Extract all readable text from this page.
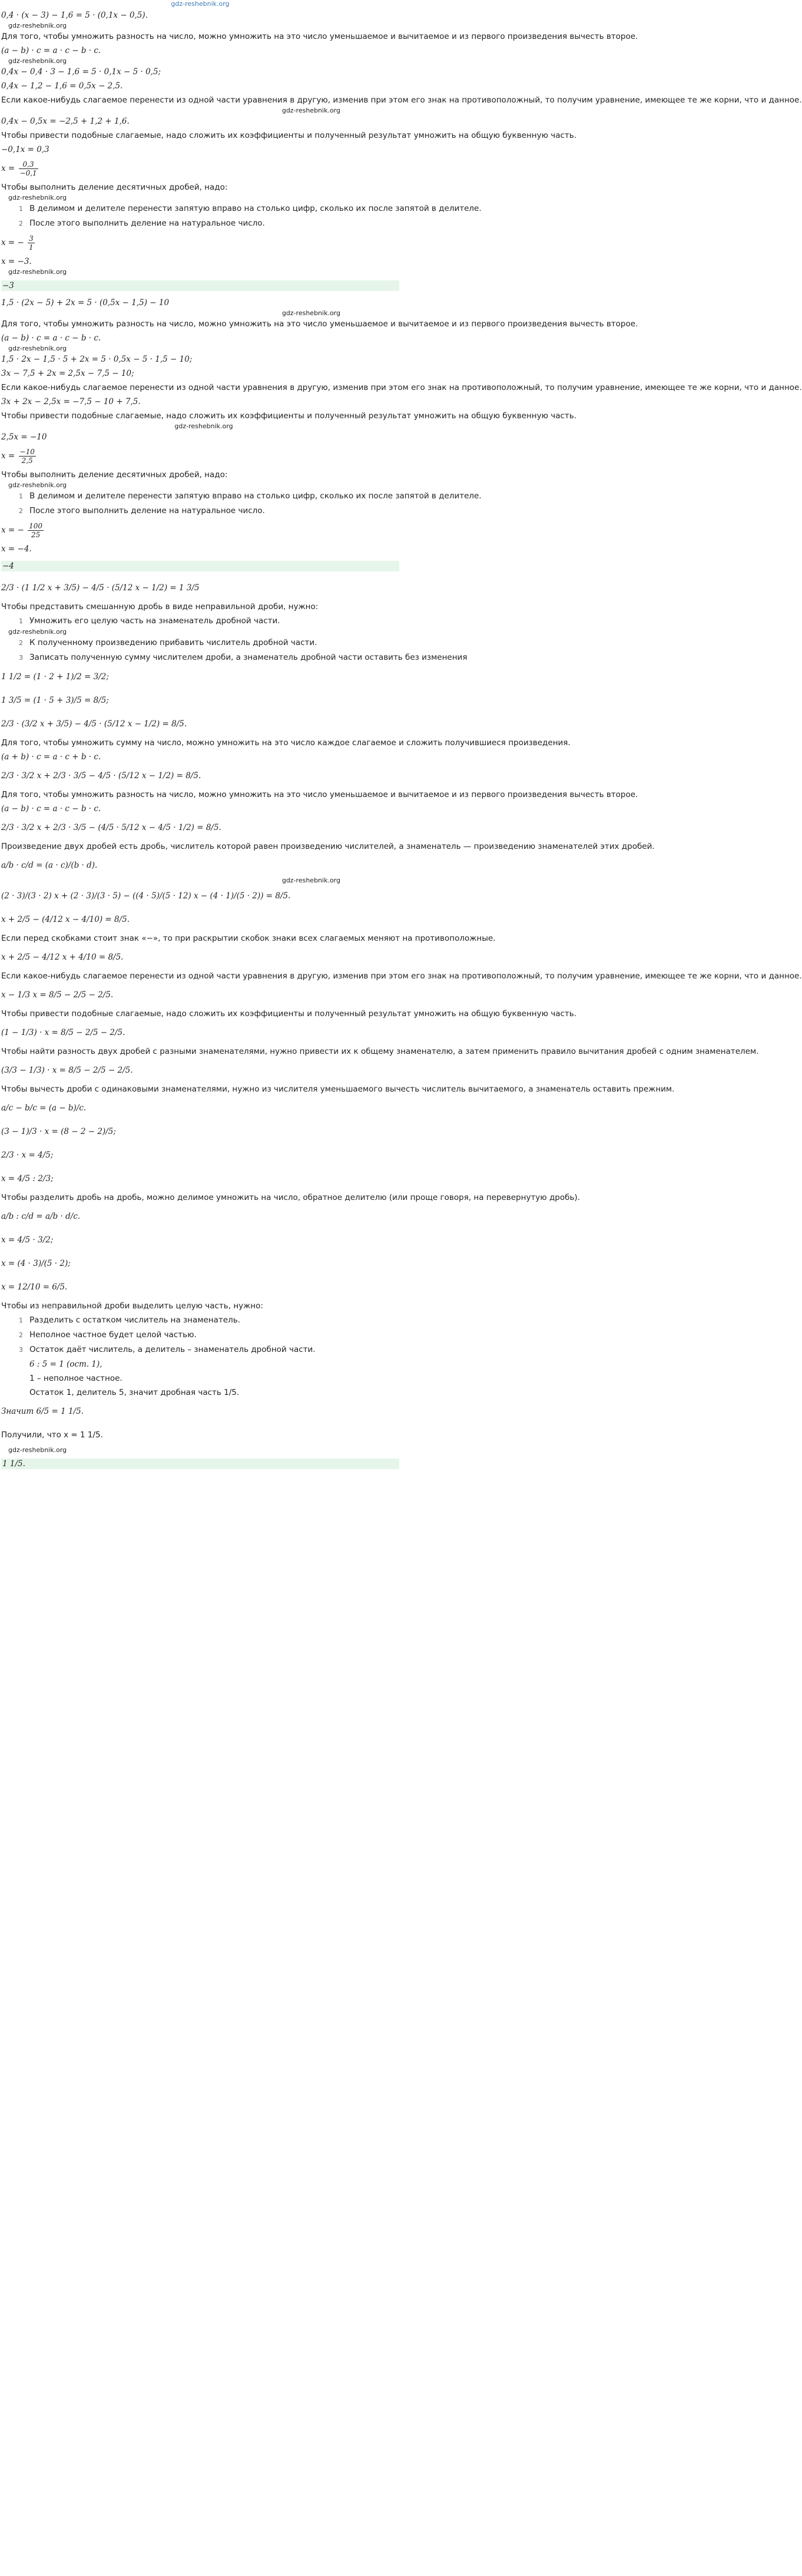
gdz-reshebnik.org
0,4 · (x − 3) − 1,6 = 5 · (0,1x − 0,5).
gdz-reshebnik.org
Для того, чтобы умножить разность на число, можно умножить на это число уменьшаемое и вычитаемое и из первого произведения вычесть второе.
(a − b) · c = a · c − b · c.
gdz-reshebnik.org
0,4x − 0,4 · 3 − 1,6 = 5 · 0,1x − 5 · 0,5;
0,4x − 1,2 − 1,6 = 0,5x − 2,5.
Если какое-нибудь слагаемое перенести из одной части уравнения в другую, изменив при этом его знак на противоположный, то получим уравнение, имеющее те же корни, что и данное.
gdz-reshebnik.org
0,4x − 0,5x = −2,5 + 1,2 + 1,6.
Чтобы привести подобные слагаемые, надо сложить их коэффициенты и полученный результат умножить на общую буквенную часть.
−0,1x = 0,3
$x = \frac{0,3}{-0,1}$
Чтобы выполнить деление десятичных дробей, надо:
gdz-reshebnik.org
1 В делимом и делителе перенести запятую вправо на столько цифр, сколько их после запятой в делителе.
2 После этого выполнить деление на натуральное число.
x = − $\frac{3}{1}$
x = −3.
gdz-reshebnik.org
−3
1,5 · (2x − 5) + 2x = 5 · (0,5x − 1,5) − 10
gdz-reshebnik.org
Для того, чтобы умножить разность на число, можно умножить на это число уменьшаемое и вычитаемое и из первого произведения вычесть второе.
(a − b) · c = a · c − b · c.
gdz-reshebnik.org
1,5 · 2x − 1,5 · 5 + 2x = 5 · 0,5x − 5 · 1,5 − 10;
3x − 7,5 + 2x = 2,5x − 7,5 − 10;
Если какое-нибудь слагаемое перенести из одной части уравнения в другую, изменив при этом его знак на противоположный, то получим уравнение, имеющее те же корни, что и данное.
3x + 2x − 2,5x = −7,5 − 10 + 7,5.
Чтобы привести подобные слагаемые, надо сложить их коэффициенты и полученный результат умножить на общую буквенную часть.
gdz-reshebnik.org
2,5x = −10
$x = \frac{-10}{2,5}$
Чтобы выполнить деление десятичных дробей, надо:
gdz-reshebnik.org
1 В делимом и делителе перенести запятую вправо на столько цифр, сколько их после запятой в делителе.
2 После этого выполнить деление на натуральное число.
x = − $\frac{100}{25}$
x = −4.
−4
2/3 · (1 1/2 x + 3/5) − 4/5 · (5/12 x − 1/2) = 1 3/5
Чтобы представить смешанную дробь в виде неправильной дроби, нужно:
1 Умножить его целую часть на знаменатель дробной части.
gdz-reshebnik.org
2 К полученному произведению прибавить числитель дробной части.
3 Записать полученную сумму числителем дроби, а знаменатель дробной части оставить без изменения
1 1/2 = (1 · 2 + 1)/2 = 3/2;
1 3/5 = (1 · 5 + 3)/5 = 8/5;
2/3 · (3/2 x + 3/5) − 4/5 · (5/12 x − 1/2) = 8/5.
Для того, чтобы умножить сумму на число, можно умножить на это число каждое слагаемое и сложить получившиеся произведения.
(a + b) · c = a · c + b · c.
2/3 · 3/2 x + 2/3 · 3/5 − 4/5 · (5/12 x − 1/2) = 8/5.
Для того, чтобы умножить разность на число, можно умножить на это число уменьшаемое и вычитаемое и из первого произведения вычесть второе.
(a − b) · c = a · c − b · c.
2/3 · 3/2 x + 2/3 · 3/5 − (4/5 · 5/12 x − 4/5 · 1/2) = 8/5.
Произведение двух дробей есть дробь, числитель которой равен произведению числителей, а знаменатель — произведению знаменателей этих дробей.
a/b · c/d = (a · c)/(b · d).
gdz-reshebnik.org
(2 · 3)/(3 · 2) x + (2 · 3)/(3 · 5) − ((4 · 5)/(5 · 12) x − (4 · 1)/(5 · 2)) = 8/5.
x + 2/5 − (4/12 x − 4/10) = 8/5.
Если перед скобками стоит знак «−», то при раскрытии скобок знаки всех слагаемых меняют на противоположные.
x + 2/5 − 4/12 x + 4/10 = 8/5.
Если какое-нибудь слагаемое перенести из одной части уравнения в другую, изменив при этом его знак на противоположный, то получим уравнение, имеющее те же корни, что и данное.
x − 1/3 x = 8/5 − 2/5 − 2/5.
Чтобы привести подобные слагаемые, надо сложить их коэффициенты и полученный результат умножить на общую буквенную часть.
(1 − 1/3) · x = 8/5 − 2/5 − 2/5.
Чтобы найти разность двух дробей с разными знаменателями, нужно привести их к общему знаменателю, а затем применить правило вычитания дробей с одним знаменателем.
(3/3 − 1/3) · x = 8/5 − 2/5 − 2/5.
Чтобы вычесть дроби с одинаковыми знаменателями, нужно из числителя уменьшаемого вычесть числитель вычитаемого, а знаменатель оставить прежним.
a/c − b/c = (a − b)/c.
(3 − 1)/3 · x = (8 − 2 − 2)/5;
2/3 · x = 4/5;
x = 4/5 : 2/3;
Чтобы разделить дробь на дробь, можно делимое умножить на число, обратное делителю (или проще говоря, на перевернутую дробь).
a/b : c/d = a/b · d/c.
x = 4/5 · 3/2;
x = (4 · 3)/(5 · 2);
x = 12/10 = 6/5.
Чтобы из неправильной дроби выделить целую часть, нужно:
1 Разделить с остатком числитель на знаменатель.
2 Неполное частное будет целой частью.
3 Остаток даёт числитель, а делитель – знаменатель дробной части.
6 : 5 = 1 (ост. 1),
1 – неполное частное.
Остаток 1, делитель 5, значит дробная часть 1/5.
Значит 6/5 = 1 1/5.
Получили, что x = 1 1/5.
gdz-reshebnik.org
1 1/5.
